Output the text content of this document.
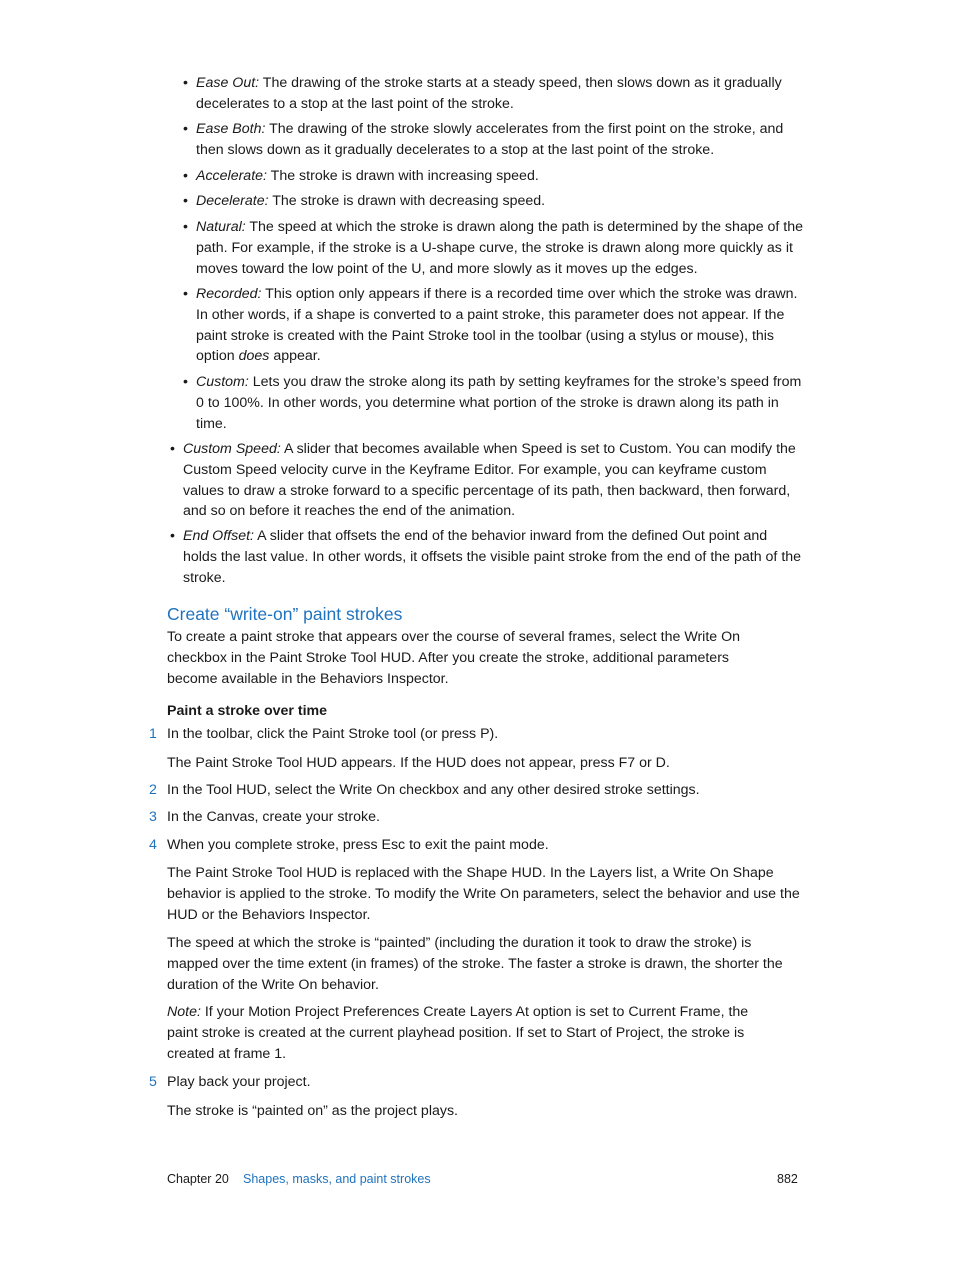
• Ease Out: The drawing of the stroke starts at a steady speed, then slows down as it gradually decelerates to a stop at the last point of the stroke.

• Ease Both: The drawing of the stroke slowly accelerates from the first point on the stroke, and then slows down as it gradually decelerates to a stop at the last point of the stroke.

• Accelerate: The stroke is drawn with increasing speed.

• Decelerate: The stroke is drawn with decreasing speed.

• Natural: The speed at which the stroke is drawn along the path is determined by the shape of the path. For example, if the stroke is a U-shape curve, the stroke is drawn along more quickly as it moves toward the low point of the U, and more slowly as it moves up the edges.

• Recorded: This option only appears if there is a recorded time over which the stroke was drawn. In other words, if a shape is converted to a paint stroke, this parameter does not appear. If the paint stroke is created with the Paint Stroke tool in the toolbar (using a stylus or mouse), this option does appear.

• Custom: Lets you draw the stroke along its path by setting keyframes for the stroke’s speed from 0 to 100%. In other words, you determine what portion of the stroke is drawn along its path in time.

• Custom Speed: A slider that becomes available when Speed is set to Custom. You can modify the Custom Speed velocity curve in the Keyframe Editor. For example, you can keyframe custom values to draw a stroke forward to a specific percentage of its path, then backward, then forward, and so on before it reaches the end of the animation.

• End Offset: A slider that offsets the end of the behavior inward from the defined Out point and holds the last value. In other words, it offsets the visible paint stroke from the end of the path of the stroke.

Create “write-on” paint strokes
To create a paint stroke that appears over the course of several frames, select the Write On checkbox in the Paint Stroke Tool HUD. After you create the stroke, additional parameters become available in the Behaviors Inspector.
Paint a stroke over time
1 In the toolbar, click the Paint Stroke tool (or press P).

The Paint Stroke Tool HUD appears. If the HUD does not appear, press F7 or D.
2 In the Tool HUD, select the Write On checkbox and any other desired stroke settings.

3 In the Canvas, create your stroke.

4 When you complete stroke, press Esc to exit the paint mode.

The Paint Stroke Tool HUD is replaced with the Shape HUD. In the Layers list, a Write On Shape behavior is applied to the stroke. To modify the Write On parameters, select the behavior and use the HUD or the Behaviors Inspector.
The speed at which the stroke is “painted” (including the duration it took to draw the stroke) is mapped over the time extent (in frames) of the stroke. The faster a stroke is drawn, the shorter the duration of the Write On behavior.

Note: If your Motion Project Preferences Create Layers At option is set to Current Frame, the paint stroke is created at the current playhead position. If set to Start of Project, the stroke is created at frame 1.

5 Play back your project.

The stroke is “painted on” as the project plays.
Chapter 20 Shapes, masks, and paint strokes	882
